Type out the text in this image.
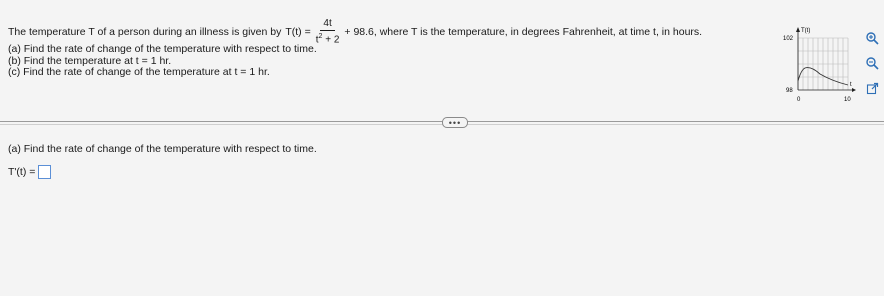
The temperature T of a person during an illness is given by $T(t) = \frac{4t}{t^2 + 2} + 98.6$, where T is the temperature, in degrees Fahrenheit, at time t, in hours.
(a) Find the rate of change of the temperature with respect to time.
(b) Find the temperature at t = 1 hr.
(c) Find the rate of change of the temperature at t = 1 hr.
T(t)
102
98
0	10
t
•••
(a) Find the rate of change of the temperature with respect to time.
T'(t) =
